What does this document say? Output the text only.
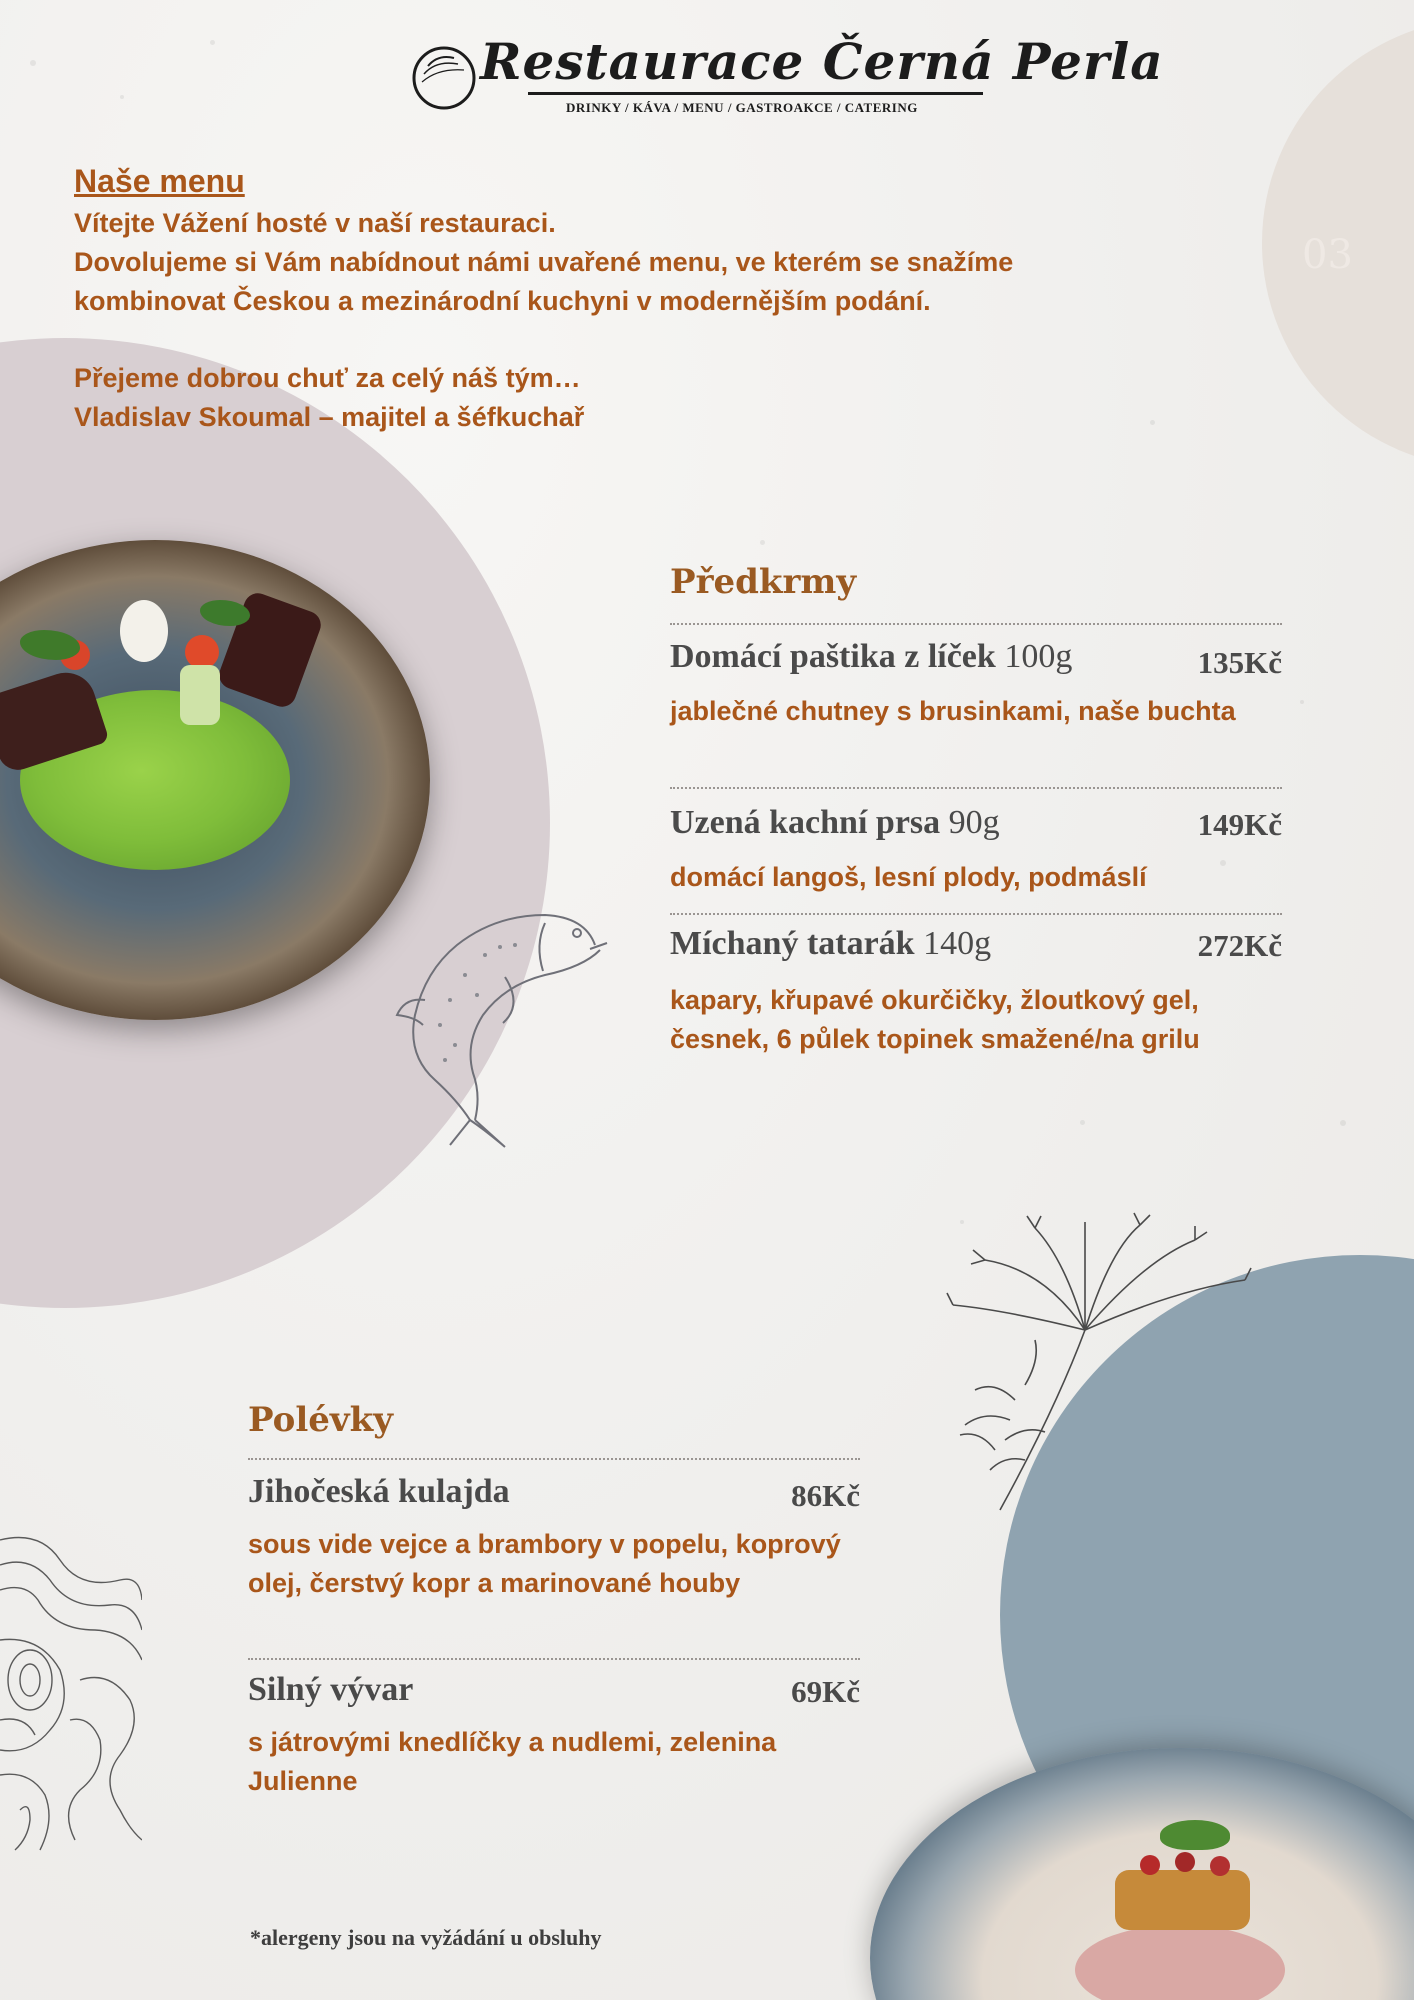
03
Restaurace Černá Perla
DRINKY / KÁVA / MENU / GASTROAKCE / CATERING
Naše menu

Vítejte Vážení hosté v naší restauraci.

Dovolujeme si Vám nabídnout námi uvařené menu, ve kterém se snažíme

kombinovat Českou a mezinárodní kuchyni v modernějším podání.

Přejeme dobrou chuť za celý náš tým…

Vladislav Skoumal – majitel a šéfkuchař

Předkrmy
Domácí paštika z líček 100g	135Kč
jablečné chutney s brusinkami, naše buchta
Uzená kachní prsa 90g	149Kč
domácí langoš, lesní plody, podmáslí
Míchaný tatarák 140g	272Kč
kapary, křupavé okurčičky, žloutkový gel, česnek, 6 půlek topinek smažené/na grilu
Polévky
Jihočeská kulajda	86Kč
sous vide vejce a brambory v popelu, koprový olej, čerstvý kopr a marinované houby
Silný vývar	69Kč
s játrovými knedlíčky a nudlemi, zelenina Julienne
*alergeny jsou na vyžádání u obsluhy
